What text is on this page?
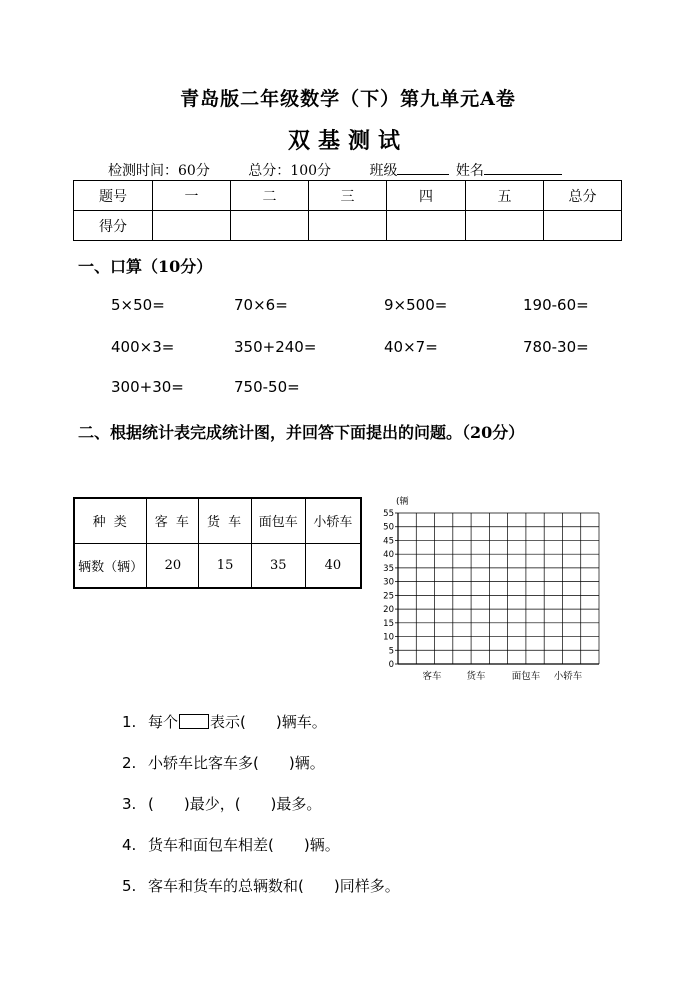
青岛版二年级数学（下）第九单元A卷
双基测试
检测时间：60分	总分：100分	班级	姓名
题号	一	二	三	四	五	总分
得分						
一、口算（10分）
5×50=	70×6=	9×500=	190-60=
400×3=	350+240=	40×7=	780-30=
300+30=	750-50=
二、根据统计表完成统计图，并回答下面提出的问题。（20分）
种 类	客 车	货 车	面包车	小轿车
辆数（辆）	20	15	35	40
(辆
0
5
10
15
20
25
30
35
40
45
50
55
客车	货车	面包车 小轿车
1. 每个 表示(　　)辆车。
2. 小轿车比客车多(　　)辆。
3. (　　)最少，(　　)最多。
4. 货车和面包车相差(　　)辆。
5. 客车和货车的总辆数和(　　)同样多。
